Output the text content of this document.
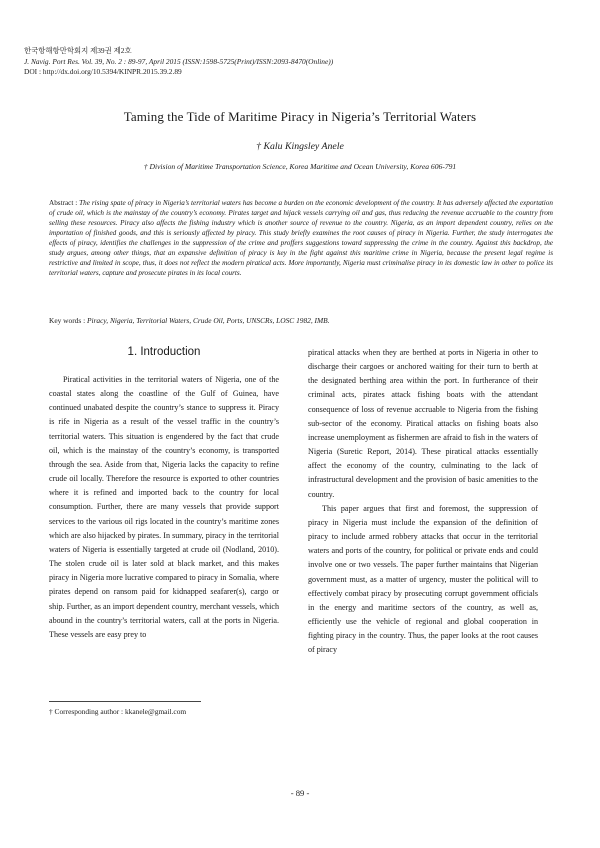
한국항해항만학회지 제39권 제2호
J. Navig. Port Res. Vol. 39, No. 2 : 89-97, April 2015 (ISSN:1598-5725(Print)/ISSN:2093-8470(Online))
DOI : http://dx.doi.org/10.5394/KINPR.2015.39.2.89
Taming the Tide of Maritime Piracy in Nigeria’s Territorial Waters
† Kalu Kingsley Anele
† Division of Maritime Transportation Science, Korea Maritime and Ocean University, Korea 606-791
Abstract : The rising spate of piracy in Nigeria’s territorial waters has become a burden on the economic development of the country. It has adversely affected the exportation of crude oil, which is the mainstay of the country’s economy. Pirates target and hijack vessels carrying oil and gas, thus reducing the revenue accruable to the country from selling these resources. Piracy also affects the fishing industry which is another source of revenue to the country. Nigeria, as an import dependent country, relies on the importation of finished goods, and this is seriously affected by piracy. This study briefly examines the root causes of piracy in Nigeria. Further, the study interrogates the effects of piracy, identifies the challenges in the suppression of the crime and proffers suggestions toward suppressing the crime in the country. Against this backdrop, the study argues, among other things, that an expansive definition of piracy is key in the fight against this maritime crime in Nigeria, because the present legal regime is restrictive and limited in scope, thus, it does not reflect the modern piratical acts. More importantly, Nigeria must criminalise piracy in its domestic law in other to police its territorial waters, capture and prosecute pirates in its local courts.
Key words : Piracy, Nigeria, Territorial Waters, Crude Oil, Ports, UNSCRs, LOSC 1982, IMB.
1. Introduction

Piratical activities in the territorial waters of Nigeria, one of the coastal states along the coastline of the Gulf of Guinea, have continued unabated despite the country’s stance to suppress it. Piracy is rife in Nigeria as a result of the vessel traffic in the country’s territorial waters. This situation is engendered by the fact that crude oil, which is the mainstay of the country’s economy, is transported through the sea. Aside from that, Nigeria lacks the capacity to refine crude oil locally. Therefore the resource is exported to other countries where it is refined and imported back to the country for local consumption. Further, there are many vessels that provide support services to the various oil rigs located in the country’s maritime zones which are also hijacked by pirates. In summary, piracy in the territorial waters of Nigeria is essentially targeted at crude oil (Nodland, 2010). The stolen crude oil is later sold at black market, and this makes piracy in Nigeria more lucrative compared to piracy in Somalia, where pirates depend on ransom paid for kidnapped seafarer(s), cargo or ship. Further, as an import dependent country, merchant vessels, which abound in the country’s territorial waters, call at the ports in Nigeria. These vessels are easy prey to

piratical attacks when they are berthed at ports in Nigeria in other to discharge their cargoes or anchored waiting for their turn to berth at the designated berthing area within the port. In furtherance of their criminal acts, pirates attack fishing boats with the attendant consequence of loss of revenue accruable to Nigeria from the fishing sub-sector of the economy. Piratical attacks on fishing boats also increase unemployment as fishermen are afraid to fish in the waters of Nigeria (Suretic Report, 2014). These piratical attacks essentially affect the economy of the country, culminating to the lack of infrastructural development and the provision of basic amenities to the country.

This paper argues that first and foremost, the suppression of piracy in Nigeria must include the expansion of the definition of piracy to include armed robbery attacks that occur in the territorial waters and ports of the country, for political or private ends and could involve one or two vessels. The paper further maintains that Nigerian government must, as a matter of urgency, muster the political will to effectively combat piracy by prosecuting corrupt government officials in the energy and maritime sectors of the country, as well as, efficiently use the vehicle of regional and global cooperation in fighting piracy in the country. Thus, the paper looks at the root causes of piracy

† Corresponding author : kkanele@gmail.com
- 89 -
